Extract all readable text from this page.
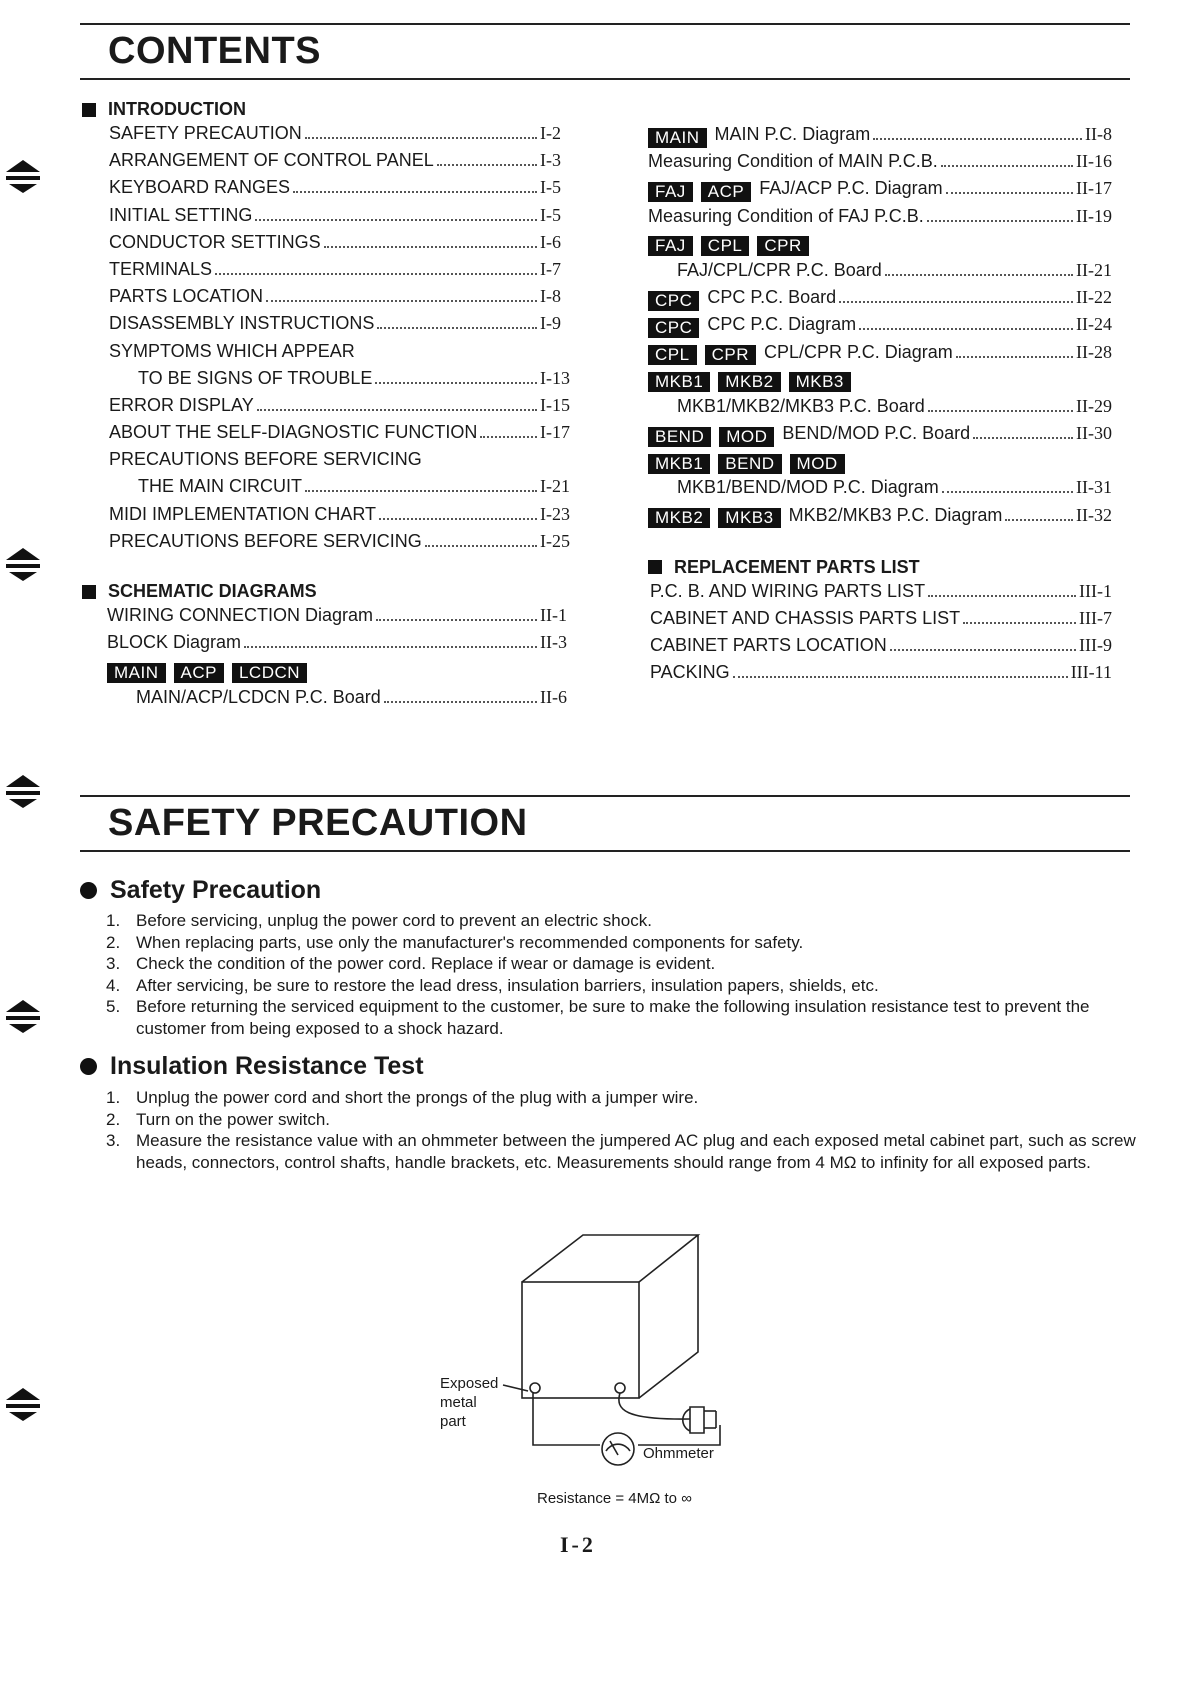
CONTENTS
INTRODUCTION
SAFETY PRECAUTION	I-2
ARRANGEMENT OF CONTROL PANEL	I-3
KEYBOARD RANGES	I-5
INITIAL SETTING	I-5
CONDUCTOR SETTINGS	I-6
TERMINALS	I-7
PARTS LOCATION	I-8
DISASSEMBLY INSTRUCTIONS	I-9
SYMPTOMS WHICH APPEAR
TO BE SIGNS OF TROUBLE	I-13
ERROR DISPLAY	I-15
ABOUT THE SELF-DIAGNOSTIC FUNCTION	I-17
PRECAUTIONS BEFORE SERVICING
THE MAIN CIRCUIT	I-21
MIDI IMPLEMENTATION CHART	I-23
PRECAUTIONS BEFORE SERVICING	I-25
SCHEMATIC DIAGRAMS
WIRING CONNECTION Diagram	II-1
BLOCK Diagram	II-3
MAIN	ACP	LCDCN
MAIN/ACP/LCDCN P.C. Board	II-6
MAIN MAIN P.C. Diagram	II-8
Measuring Condition of MAIN P.C.B.	II-16
FAJ	ACP FAJ/ACP P.C. Diagram	II-17
Measuring Condition of FAJ P.C.B.	II-19
FAJ	CPL	CPR
FAJ/CPL/CPR P.C. Board	II-21
CPC CPC P.C. Board	II-22
CPC CPC P.C. Diagram	II-24
CPL	CPR CPL/CPR P.C. Diagram	II-28
MKB1	MKB2	MKB3
MKB1/MKB2/MKB3 P.C. Board	II-29
BEND	MOD BEND/MOD P.C. Board	II-30
MKB1	BEND	MOD
MKB1/BEND/MOD P.C. Diagram	II-31
MKB2	MKB3 MKB2/MKB3 P.C. Diagram	II-32
REPLACEMENT PARTS LIST
P.C. B. AND WIRING PARTS LIST	III-1
CABINET AND CHASSIS PARTS LIST	III-7
CABINET PARTS LOCATION	III-9
PACKING	III-11
SAFETY PRECAUTION
Safety Precaution
1. Before servicing, unplug the power cord to prevent an electric shock.
2. When replacing parts, use only the manufacturer's recommended components for safety.
3. Check the condition of the power cord. Replace if wear or damage is evident.
4. After servicing, be sure to restore the lead dress, insulation barriers, insulation papers, shields, etc.
5. Before returning the serviced equipment to the customer, be sure to make the following insulation resistance test to prevent the customer from being exposed to a shock hazard.
Insulation Resistance Test
1. Unplug the power cord and short the prongs of the plug with a jumper wire.
2. Turn on the power switch.
3. Measure the resistance value with an ohmmeter between the jumpered AC plug and each exposed metal cabinet part, such as screw heads, connectors, control shafts, handle brackets, etc. Measurements should range from 4 MΩ to infinity for all exposed parts.
Exposed
metal
part
Ohmmeter
Resistance = 4MΩ to ∞
I-2
